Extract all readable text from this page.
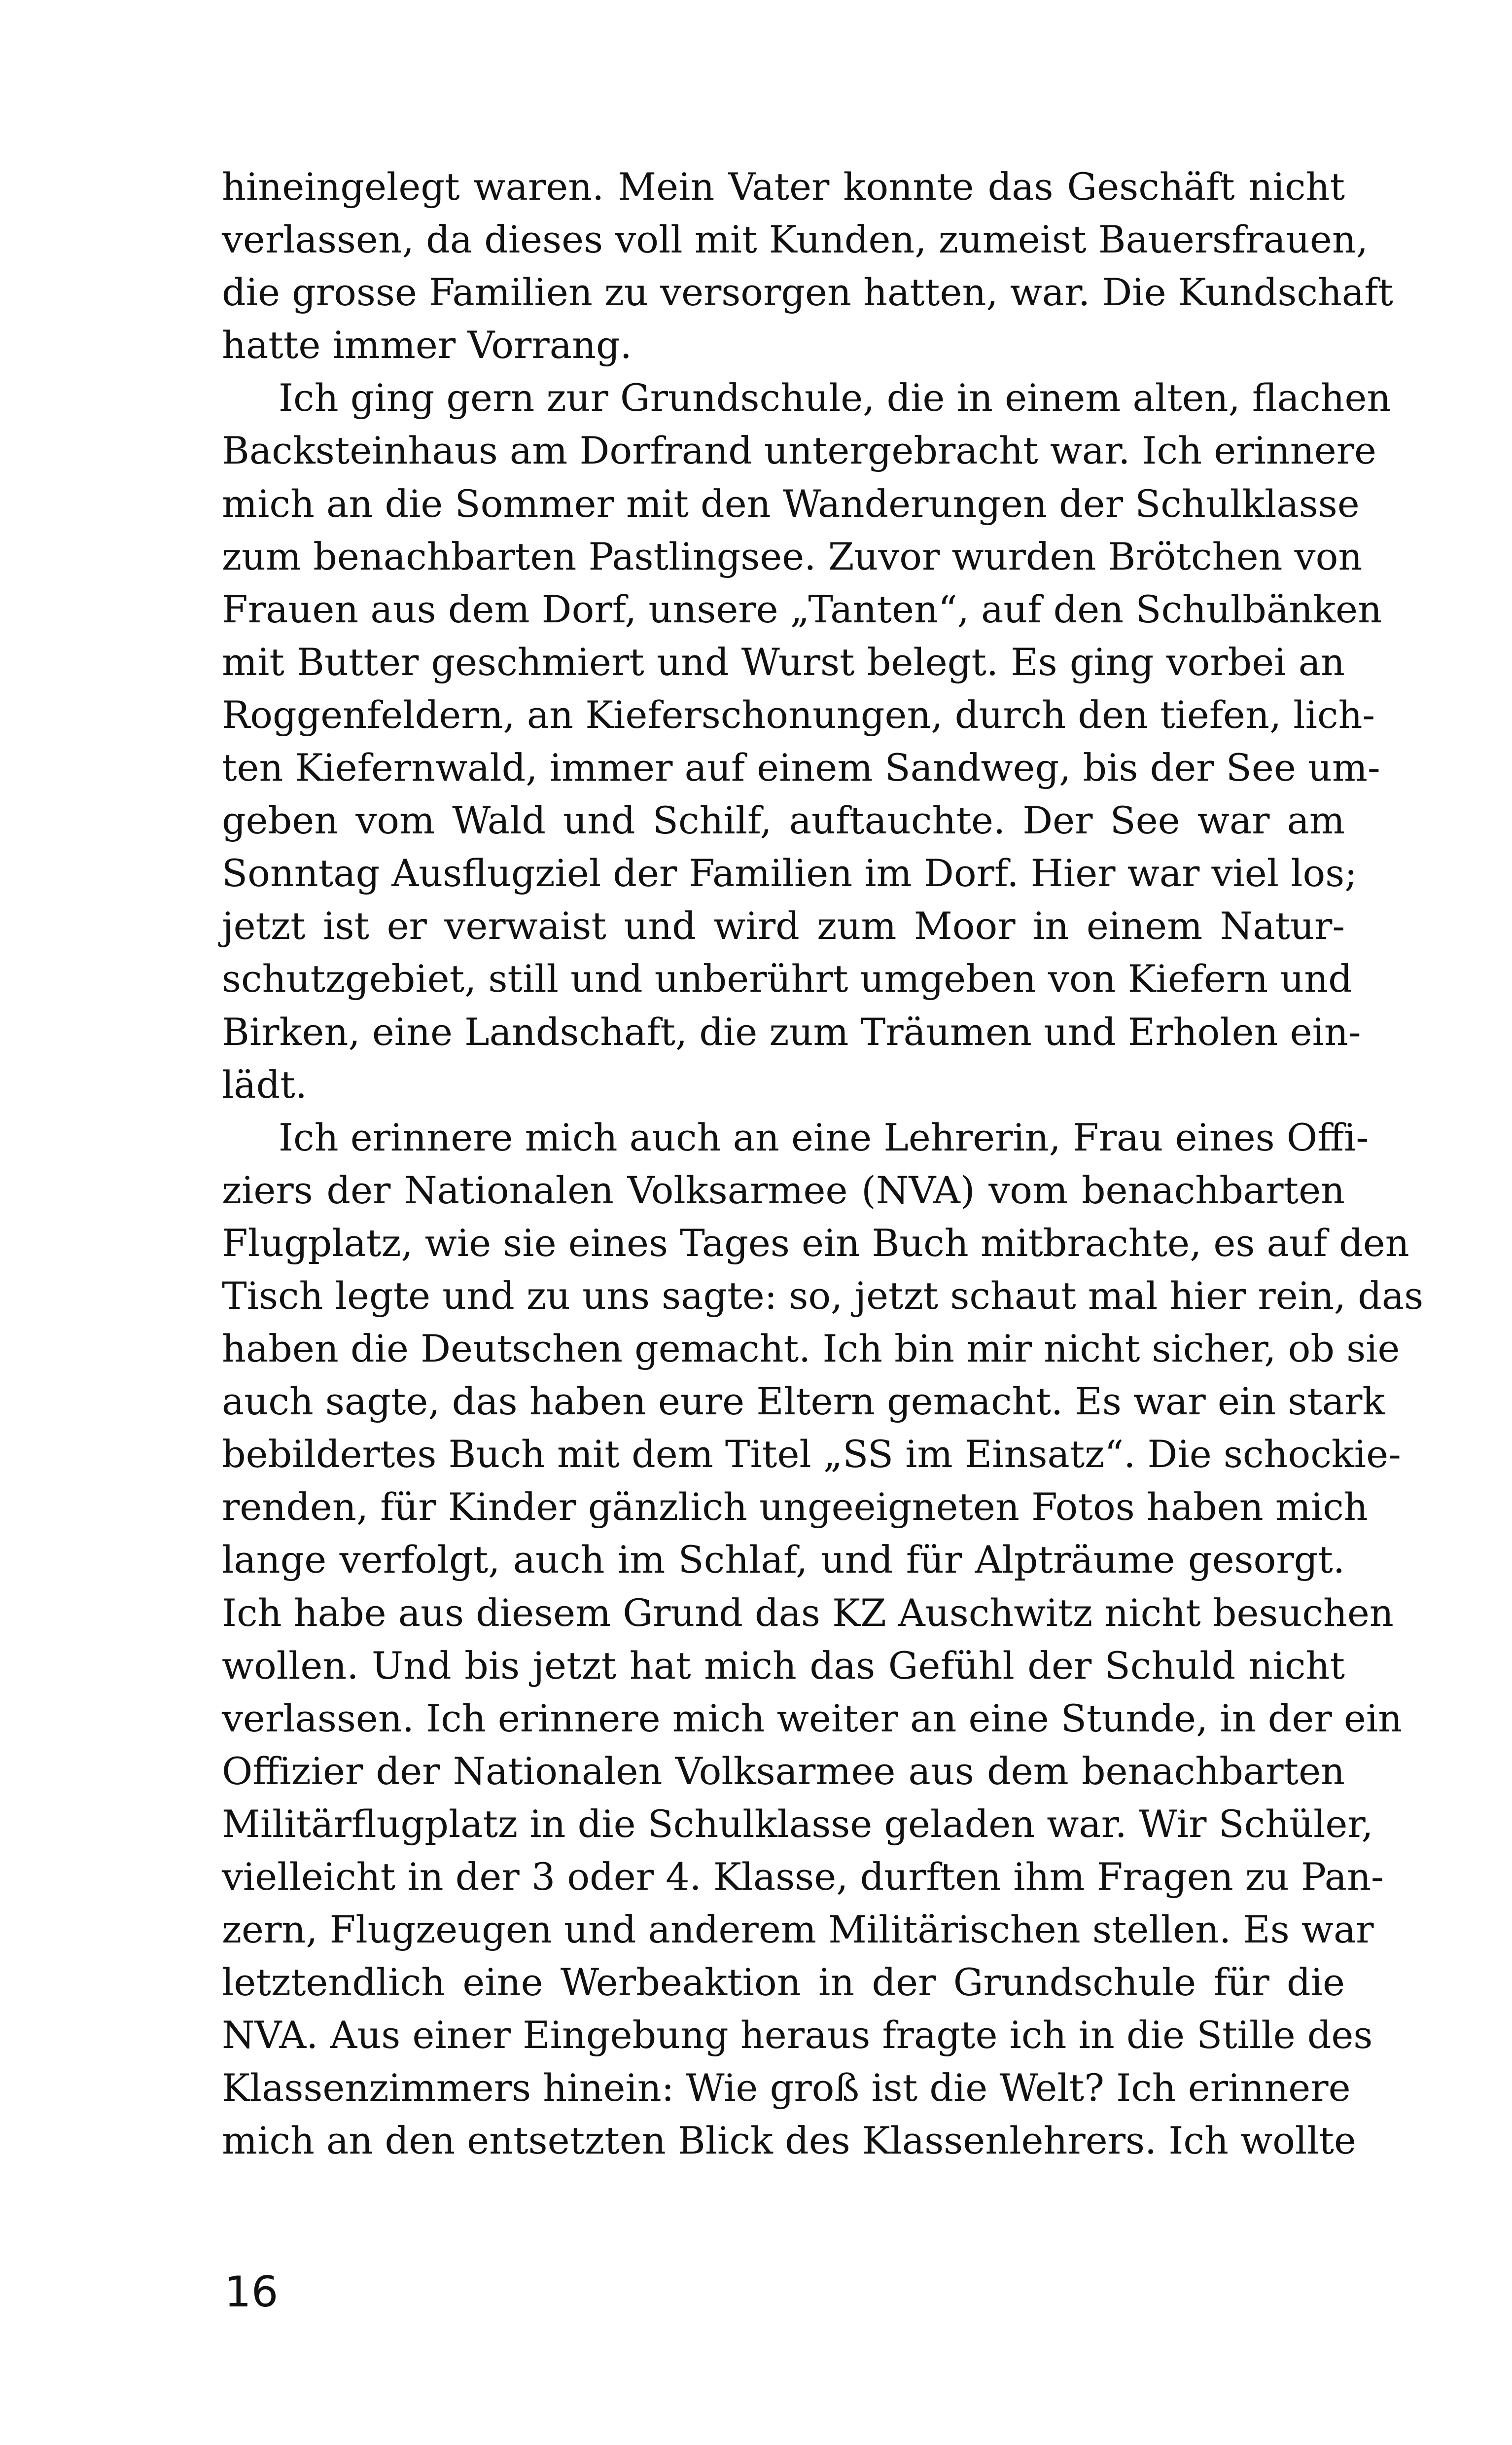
hineingelegt waren. Mein Vater konnte das Geschäft nicht
verlassen, da dieses voll mit Kunden, zumeist Bauersfrauen,
die grosse Familien zu versorgen hatten, war. Die Kundschaft
hatte immer Vorrang.

Ich ging gern zur Grundschule, die in einem alten, flachen
Backsteinhaus am Dorfrand untergebracht war. Ich erinnere
mich an die Sommer mit den Wanderungen der Schulklasse
zum benachbarten Pastlingsee. Zuvor wurden Brötchen von
Frauen aus dem Dorf, unsere „Tanten“, auf den Schulbänken
mit Butter geschmiert und Wurst belegt. Es ging vorbei an
Roggenfeldern, an Kieferschonungen, durch den tiefen, lich-
ten Kiefernwald, immer auf einem Sandweg, bis der See um-
geben vom Wald und Schilf, auftauchte. Der See war am
Sonntag Ausflugziel der Familien im Dorf. Hier war viel los;
jetzt ist er verwaist und wird zum Moor in einem Natur-
schutzgebiet, still und unberührt umgeben von Kiefern und
Birken, eine Landschaft, die zum Träumen und Erholen ein-
lädt.

Ich erinnere mich auch an eine Lehrerin, Frau eines Offi-
ziers der Nationalen Volksarmee (NVA) vom benachbarten
Flugplatz, wie sie eines Tages ein Buch mitbrachte, es auf den
Tisch legte und zu uns sagte: so, jetzt schaut mal hier rein, das
haben die Deutschen gemacht. Ich bin mir nicht sicher, ob sie
auch sagte, das haben eure Eltern gemacht. Es war ein stark
bebildertes Buch mit dem Titel „SS im Einsatz“. Die schockie-
renden, für Kinder gänzlich ungeeigneten Fotos haben mich
lange verfolgt, auch im Schlaf, und für Alpträume gesorgt.
Ich habe aus diesem Grund das KZ Auschwitz nicht besuchen
wollen. Und bis jetzt hat mich das Gefühl der Schuld nicht
verlassen. Ich erinnere mich weiter an eine Stunde, in der ein
Offizier der Nationalen Volksarmee aus dem benachbarten
Militärflugplatz in die Schulklasse geladen war. Wir Schüler,
vielleicht in der 3 oder 4. Klasse, durften ihm Fragen zu Pan-
zern, Flugzeugen und anderem Militärischen stellen. Es war
letztendlich eine Werbeaktion in der Grundschule für die
NVA. Aus einer Eingebung heraus fragte ich in die Stille des
Klassenzimmers hinein: Wie groß ist die Welt? Ich erinnere
mich an den entsetzten Blick des Klassenlehrers. Ich wollte

16
